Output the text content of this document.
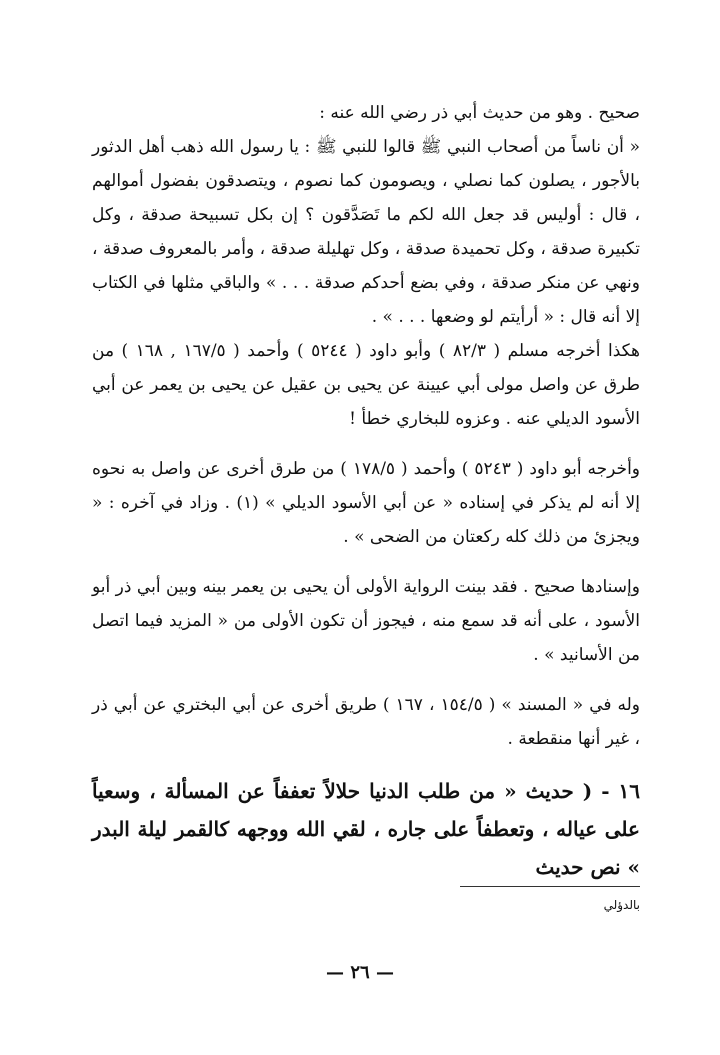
صحيح . وهو من حديث أبي ذر رضي الله عنه :

« أن ناساً من أصحاب النبي ﷺ قالوا للنبي ﷺ : يا رسول الله ذهب أهل الدثور بالأجور ، يصلون كما نصلي ، ويصومون كما نصوم ، ويتصدقون بفضول أموالهم ، قال : أوليس قد جعل الله لكم ما تَصَدَّقون ؟ إن بكل تسبيحة صدقة ، وكل تكبيرة صدقة ، وكل تحميدة صدقة ، وكل تهليلة صدقة ، وأمر بالمعروف صدقة ، ونهي عن منكر صدقة ، وفي بضع أحدكم صدقة . . . » والباقي مثلها في الكتاب إلا أنه قال : « أرأيتم لو وضعها . . . » .

هكذا أخرجه مسلم ( ٨٢/٣ ) وأبو داود ( ٥٢٤٤ ) وأحمد ( ١٦٧/٥ , ١٦٨ ) من طرق عن واصل مولى أبي عيينة عن يحيى بن عقيل عن يحيى بن يعمر عن أبي الأسود الديلي عنه . وعزوه للبخاري خطأ !

وأخرجه أبو داود ( ٥٢٤٣ ) وأحمد ( ١٧٨/٥ ) من طرق أخرى عن واصل به نحوه إلا أنه لم يذكر في إسناده « عن أبي الأسود الديلي » (١) . وزاد في آخره : « ويجزئ من ذلك كله ركعتان من الضحى » .

وإسنادها صحيح . فقد بينت الرواية الأولى أن يحيى بن يعمر بينه وبين أبي ذر أبو الأسود ، على أنه قد سمع منه ، فيجوز أن تكون الأولى من « المزيد فيما اتصل من الأسانيد » .

وله في « المسند » ( ١٥٤/٥ ، ١٦٧ ) طريق أخرى عن أبي البختري عن أبي ذر ، غير أنها منقطعة .

١٦ - ( حديث « من طلب الدنيا حلالاً تعففاً عن المسألة ، وسعياً على عياله ، وتعطفاً على جاره ، لقي الله ووجهه كالقمر ليلة البدر » نص حديث

بالدؤلي
— ٢٦ —
